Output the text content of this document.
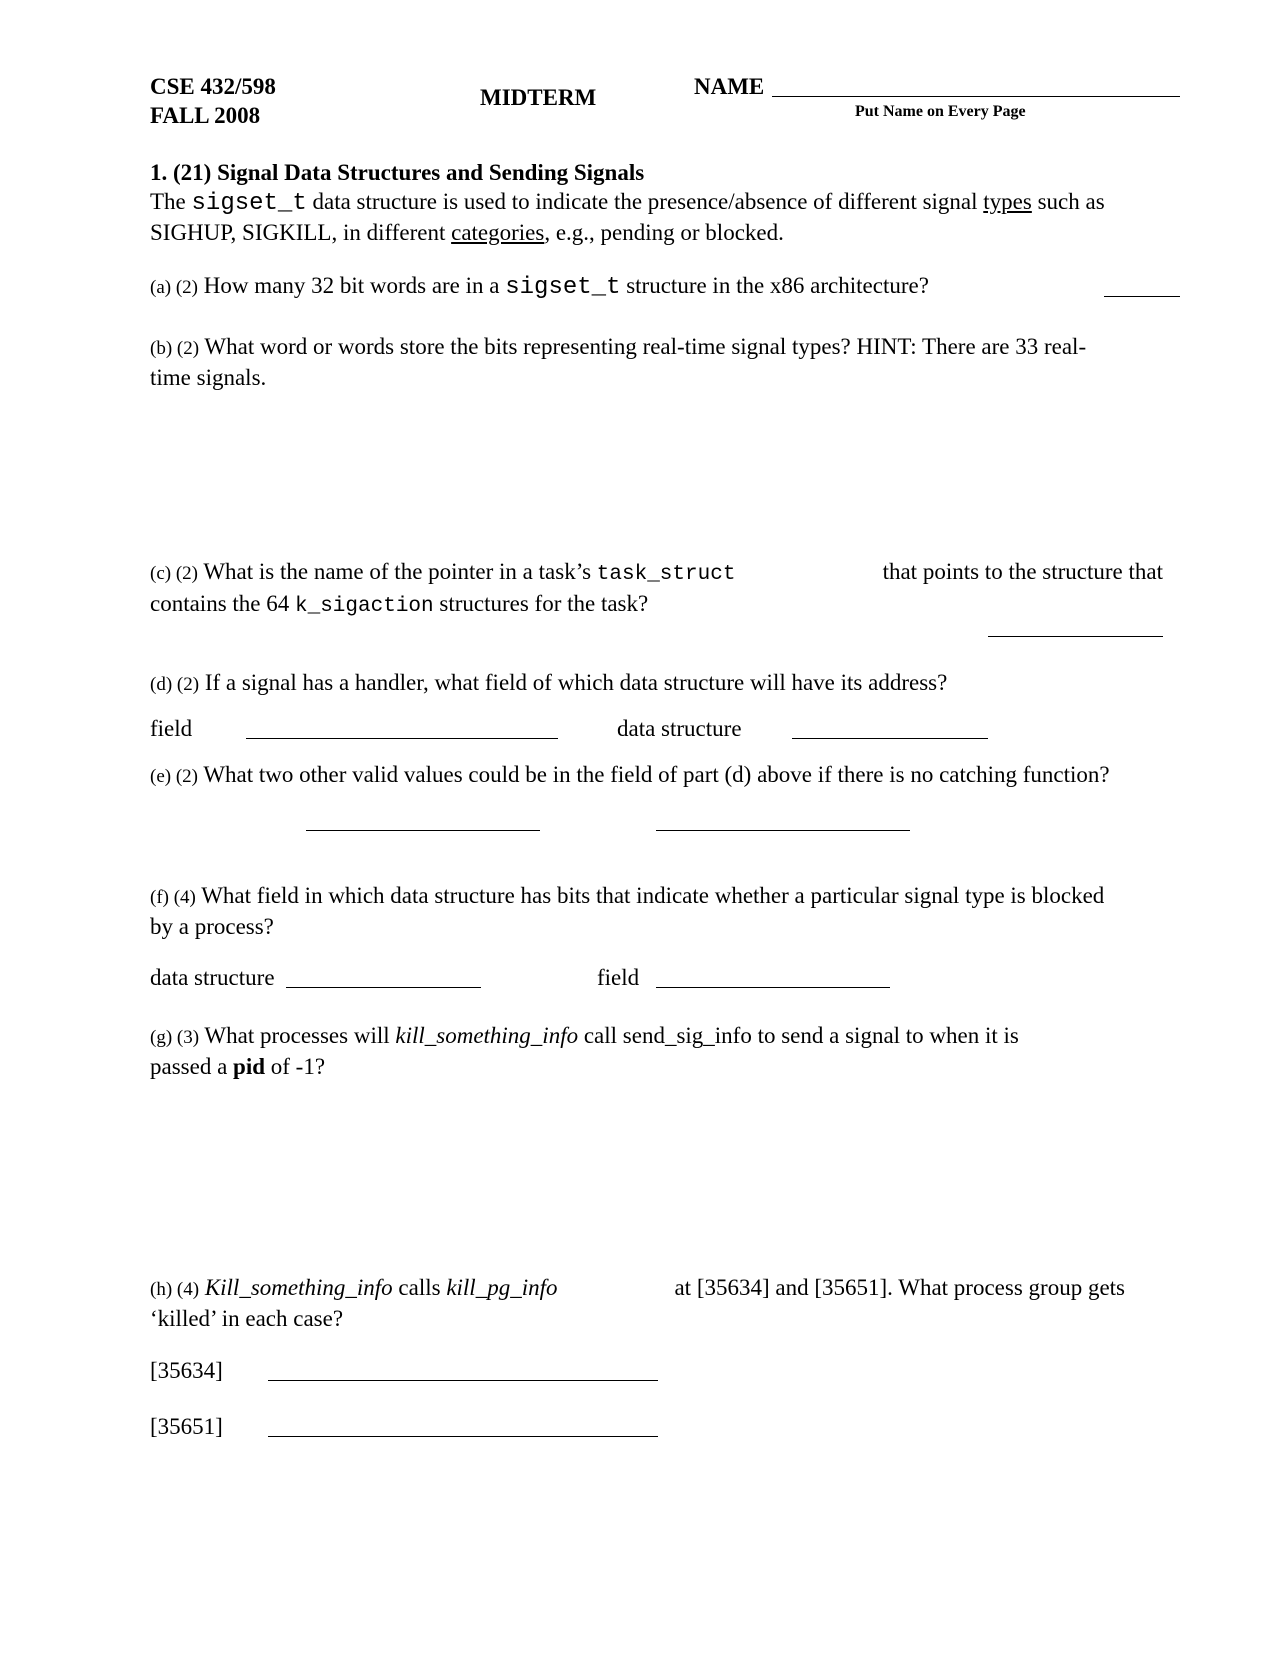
CSE 432/598
FALL 2008
MIDTERM	NAME
Put Name on Every Page
1. (21) Signal Data Structures and Sending Signals
The sigset_t data structure is used to indicate the presence/absence of different signal types such as
SIGHUP, SIGKILL, in different categories, e.g., pending or blocked.
(a) (2) How many 32 bit words are in a sigset_t structure in the x86 architecture?
(b) (2) What word or words store the bits representing real-time signal types? HINT: There are 33 real-
time signals.
(c) (2) What is the name of the pointer in a task’s task_struct	that points to the structure that
contains the 64 k_sigaction structures for the task?
(d) (2) If a signal has a handler, what field of which data structure will have its address?
field	data structure
(e) (2) What two other valid values could be in the field of part (d) above if there is no catching function?
(f) (4) What field in which data structure has bits that indicate whether a particular signal type is blocked
by a process?
data structure	field
(g) (3) What processes will kill_something_info call send_sig_info to send a signal to when it is
passed a pid of -1?
(h) (4) Kill_something_info calls kill_pg_info	at [35634] and [35651]. What process group gets
‘killed’ in each case?
[35634]
[35651]
